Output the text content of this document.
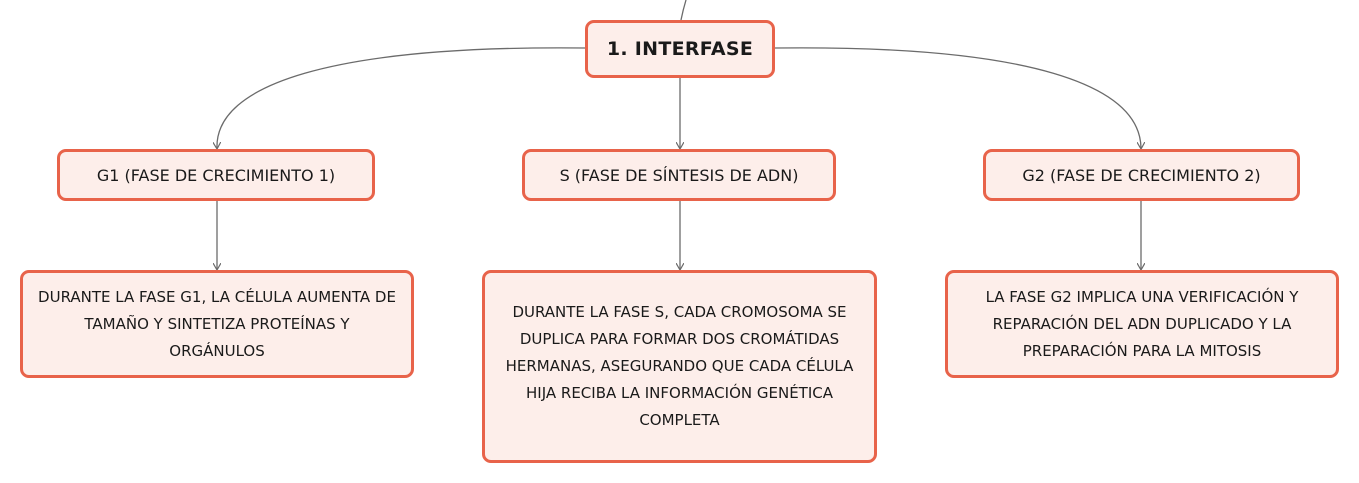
1. INTERFASE
G1 (FASE DE CRECIMIENTO 1)	S (FASE DE SÍNTESIS DE ADN)	G2 (FASE DE CRECIMIENTO 2)
DURANTE LA FASE G1, LA CÉLULA AUMENTA DE TAMAÑO Y SINTETIZA PROTEÍNAS Y ORGÁNULOS
DURANTE LA FASE S, CADA CROMOSOMA SE DUPLICA PARA FORMAR DOS CROMÁTIDAS HERMANAS, ASEGURANDO QUE CADA CÉLULA HIJA RECIBA LA INFORMACIÓN GENÉTICA COMPLETA
LA FASE G2 IMPLICA UNA VERIFICACIÓN Y REPARACIÓN DEL ADN DUPLICADO Y LA PREPARACIÓN PARA LA MITOSIS
